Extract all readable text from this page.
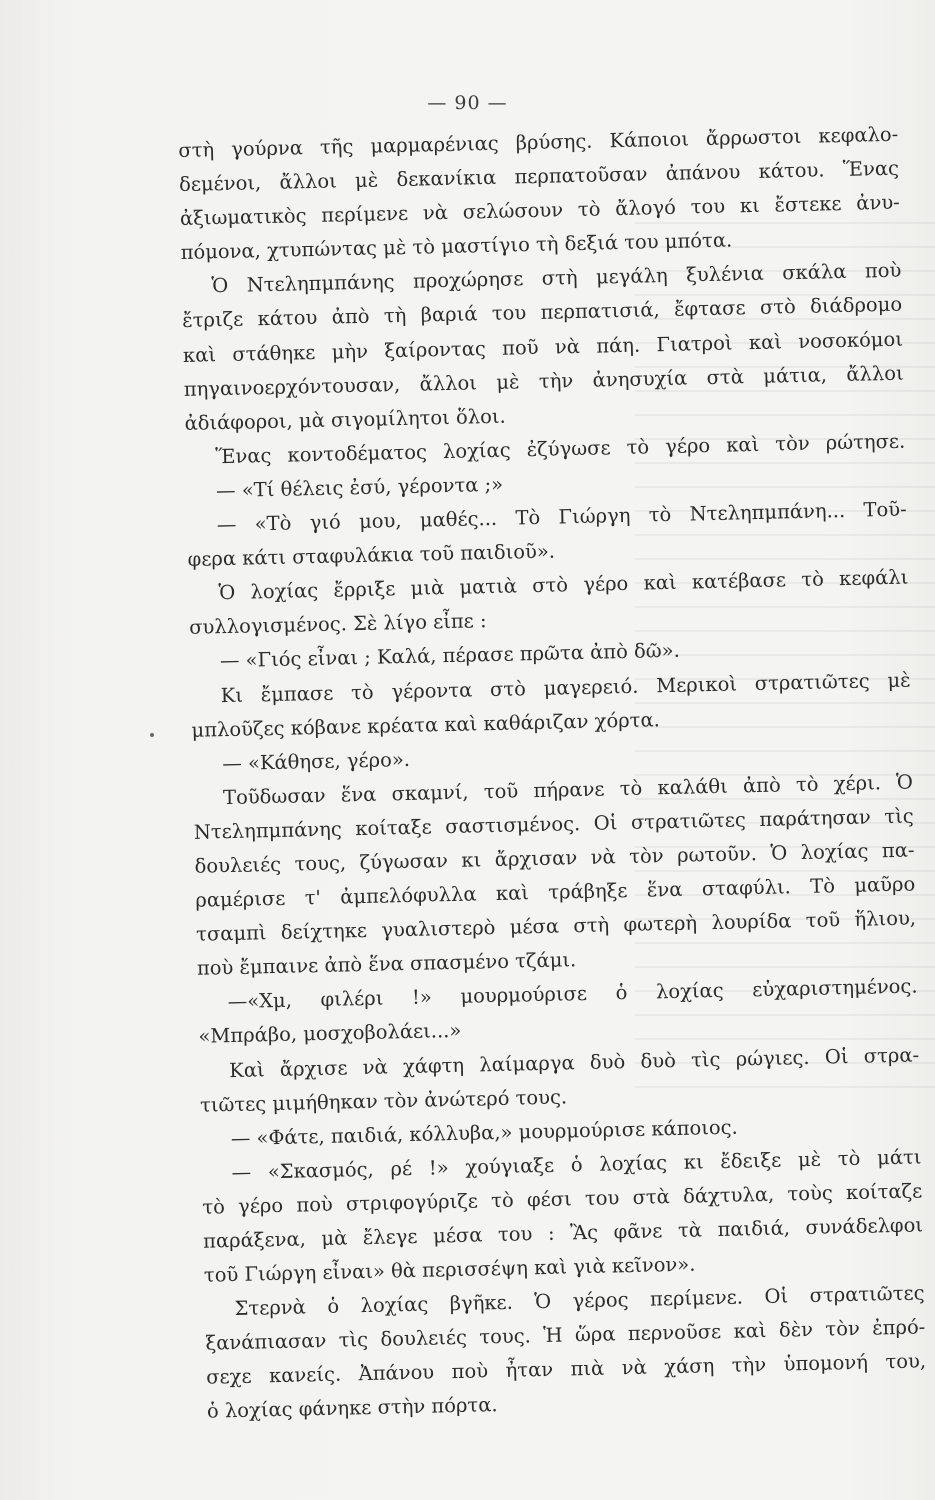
— 90 —
στὴ γούρνα τῆς μαρμαρένιας βρύσης. Κάποιοι ἄρρωστοι κεφαλο-
δεμένοι, ἄλλοι μὲ δεκανίκια περπατοῦσαν ἀπάνου κάτου. Ἕνας
ἀξιωματικὸς περίμενε νὰ σελώσουν τὸ ἄλογό του κι ἔστεκε ἀνυ-
πόμονα, χτυπώντας μὲ τὸ μαστίγιο τὴ δεξιά του μπότα.
Ὁ Ντεληπμπάνης προχώρησε στὴ μεγάλη ξυλένια σκάλα ποὺ
ἔτριζε κάτου ἀπὸ τὴ βαριά του περπατισιά, ἔφτασε στὸ διάδρομο
καὶ στάθηκε μὴν ξαίροντας ποῦ νὰ πάη. Γιατροὶ καὶ νοσοκόμοι
πηγαινοερχόντουσαν, ἄλλοι μὲ τὴν ἀνησυχία στὰ μάτια, ἄλλοι
ἀδιάφοροι, μὰ σιγομίλητοι ὅλοι.
Ἕνας κοντοδέματος λοχίας ἐζύγωσε τὸ γέρο καὶ τὸν ρώτησε.
— «Τί θέλεις ἐσύ, γέροντα ;»
— «Τὸ γιό μου, μαθές... Τὸ Γιώργη τὸ Ντεληπμπάνη... Τοῦ-
φερα κάτι σταφυλάκια τοῦ παιδιοῦ».
Ὁ λοχίας ἔρριξε μιὰ ματιὰ στὸ γέρο καὶ κατέβασε τὸ κεφάλι
συλλογισμένος. Σὲ λίγο εἶπε :
— «Γιός εἶναι ; Καλά, πέρασε πρῶτα ἀπὸ δῶ».
Κι ἔμπασε τὸ γέροντα στὸ μαγερειό. Μερικοὶ στρατιῶτες μὲ
μπλοῦζες κόβανε κρέατα καὶ καθάριζαν χόρτα.
— «Κάθησε, γέρο».
Τοῦδωσαν ἕνα σκαμνί, τοῦ πήρανε τὸ καλάθι ἀπὸ τὸ χέρι. Ὁ
Ντεληπμπάνης κοίταξε σαστισμένος. Οἱ στρατιῶτες παράτησαν τὶς
δουλειές τους, ζύγωσαν κι ἄρχισαν νὰ τὸν ρωτοῦν. Ὁ λοχίας πα-
ραμέρισε τ' ἀμπελόφυλλα καὶ τράβηξε ἕνα σταφύλι. Τὸ μαῦρο
τσαμπὶ δείχτηκε γυαλιστερὸ μέσα στὴ φωτερὴ λουρίδα τοῦ ἥλιου,
ποὺ ἔμπαινε ἀπὸ ἕνα σπασμένο τζάμι.
—«Χμ, φιλέρι !» μουρμούρισε ὁ λοχίας εὐχαριστημένος.
«Μπράβο, μοσχοβολάει...»
Καὶ ἄρχισε νὰ χάφτη λαίμαργα δυὸ δυὸ τὶς ρώγιες. Οἱ στρα-
τιῶτες μιμήθηκαν τὸν ἀνώτερό τους.
— «Φάτε, παιδιά, κόλλυβα,» μουρμούρισε κάποιος.
— «Σκασμός, ρέ !» χούγιαξε ὁ λοχίας κι ἔδειξε μὲ τὸ μάτι
τὸ γέρο ποὺ στριφογύριζε τὸ φέσι του στὰ δάχτυλα, τοὺς κοίταζε
παράξενα, μὰ ἔλεγε μέσα του : Ἂς φᾶνε τὰ παιδιά, συνάδελφοι
τοῦ Γιώργη εἶναι» θὰ περισσέψη καὶ γιὰ κεῖνον».
Στερνὰ ὁ λοχίας βγῆκε. Ὁ γέρος περίμενε. Οἱ στρατιῶτες
ξανάπιασαν τὶς δουλειές τους. Ἡ ὥρα περνοῦσε καὶ δὲν τὸν ἐπρό-
σεχε κανείς. Ἀπάνου ποὺ ἦταν πιὰ νὰ χάση τὴν ὑπομονή του,
ὁ λοχίας φάνηκε στὴν πόρτα.
